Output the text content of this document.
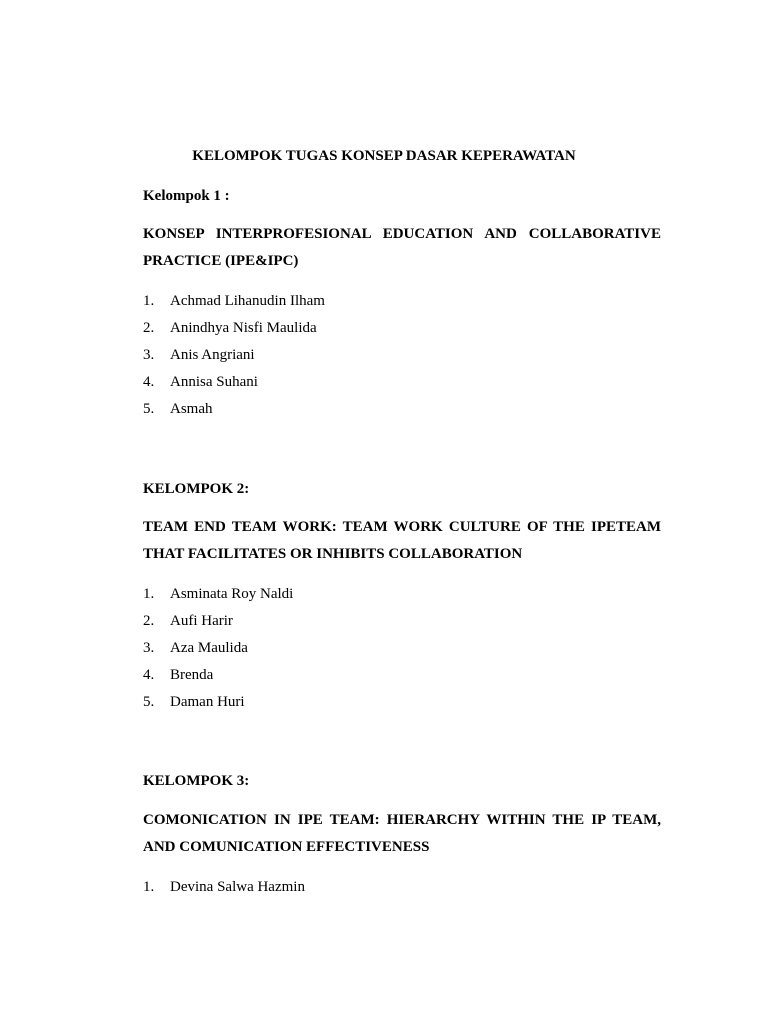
KELOMPOK TUGAS KONSEP DASAR KEPERAWATAN
Kelompok 1 :
KONSEP INTERPROFESIONAL EDUCATION AND COLLABORATIVE PRACTICE (IPE&IPC)
1. Achmad Lihanudin Ilham
2. Anindhya Nisfi Maulida
3. Anis Angriani
4. Annisa Suhani
5. Asmah
KELOMPOK 2:
TEAM END TEAM WORK: TEAM WORK CULTURE OF THE IPETEAM THAT FACILITATES OR INHIBITS COLLABORATION
1. Asminata Roy Naldi
2. Aufi Harir
3. Aza Maulida
4. Brenda
5. Daman Huri
KELOMPOK 3:
COMONICATION IN IPE TEAM: HIERARCHY WITHIN THE IP TEAM, AND COMUNICATION EFFECTIVENESS
1. Devina Salwa Hazmin
